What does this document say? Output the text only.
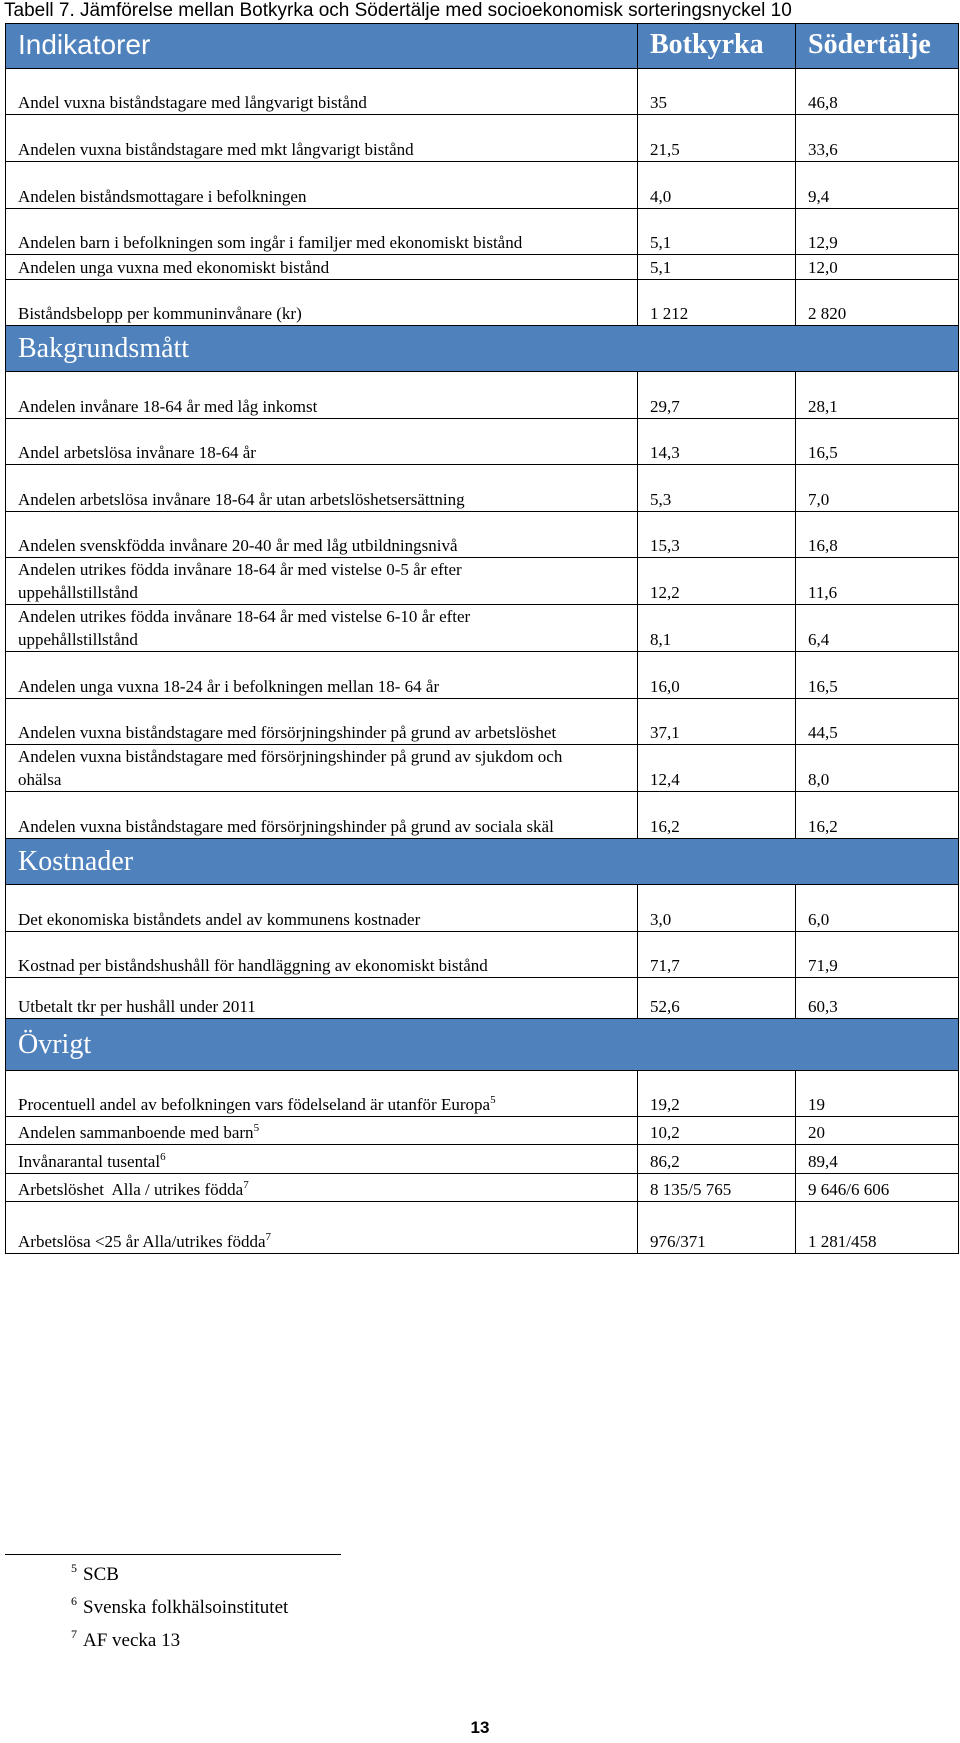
Tabell 7. Jämförelse mellan Botkyrka och Södertälje med socioekonomisk sorteringsnyckel 10
Indikatorer	Botkyrka	Södertälje
Andel vuxna biståndstagare med långvarigt bistånd	35	46,8
Andelen vuxna biståndstagare med mkt långvarigt bistånd	21,5	33,6
Andelen biståndsmottagare i befolkningen	4,0	9,4
Andelen barn i befolkningen som ingår i familjer med ekonomiskt bistånd	5,1	12,9
Andelen unga vuxna med ekonomiskt bistånd	5,1	12,0
Biståndsbelopp per kommuninvånare (kr)	1 212	2 820
Bakgrundsmått		
Andelen invånare 18-64 år med låg inkomst	29,7	28,1
Andel arbetslösa invånare 18-64 år	14,3	16,5
Andelen arbetslösa invånare 18-64 år utan arbetslöshetsersättning	5,3	7,0
Andelen svenskfödda invånare 20-40 år med låg utbildningsnivå	15,3	16,8
Andelen utrikes födda invånare 18-64 år med vistelse 0-5 år efter uppehållstillstånd	12,2	11,6
Andelen utrikes födda invånare 18-64 år med vistelse 6-10 år efter uppehållstillstånd	8,1	6,4
Andelen unga vuxna 18-24 år i befolkningen mellan 18- 64 år	16,0	16,5
Andelen vuxna biståndstagare med försörjningshinder på grund av arbetslöshet	37,1	44,5
Andelen vuxna biståndstagare med försörjningshinder på grund av sjukdom och ohälsa	12,4	8,0
Andelen vuxna biståndstagare med försörjningshinder på grund av sociala skäl	16,2	16,2
Kostnader		
Det ekonomiska biståndets andel av kommunens kostnader	3,0	6,0
Kostnad per biståndshushåll för handläggning av ekonomiskt bistånd	71,7	71,9
Utbetalt tkr per hushåll under 2011	52,6	60,3
Övrigt		
Procentuell andel av befolkningen vars födelseland är utanför Europa$^5$	19,2	19
Andelen sammanboende med barn$^5$	10,2	20
Invånarantal tusental$^6$	86,2	89,4
Arbetslöshet  Alla / utrikes födda$^7$	8 135/5 765	9 646/6 606
Arbetslösa <25 år Alla/utrikes födda$^7$	976/371	1 281/458
$^5$ SCB
$^6$ Svenska folkhälsoinstitutet
$^7$ AF vecka 13
13
